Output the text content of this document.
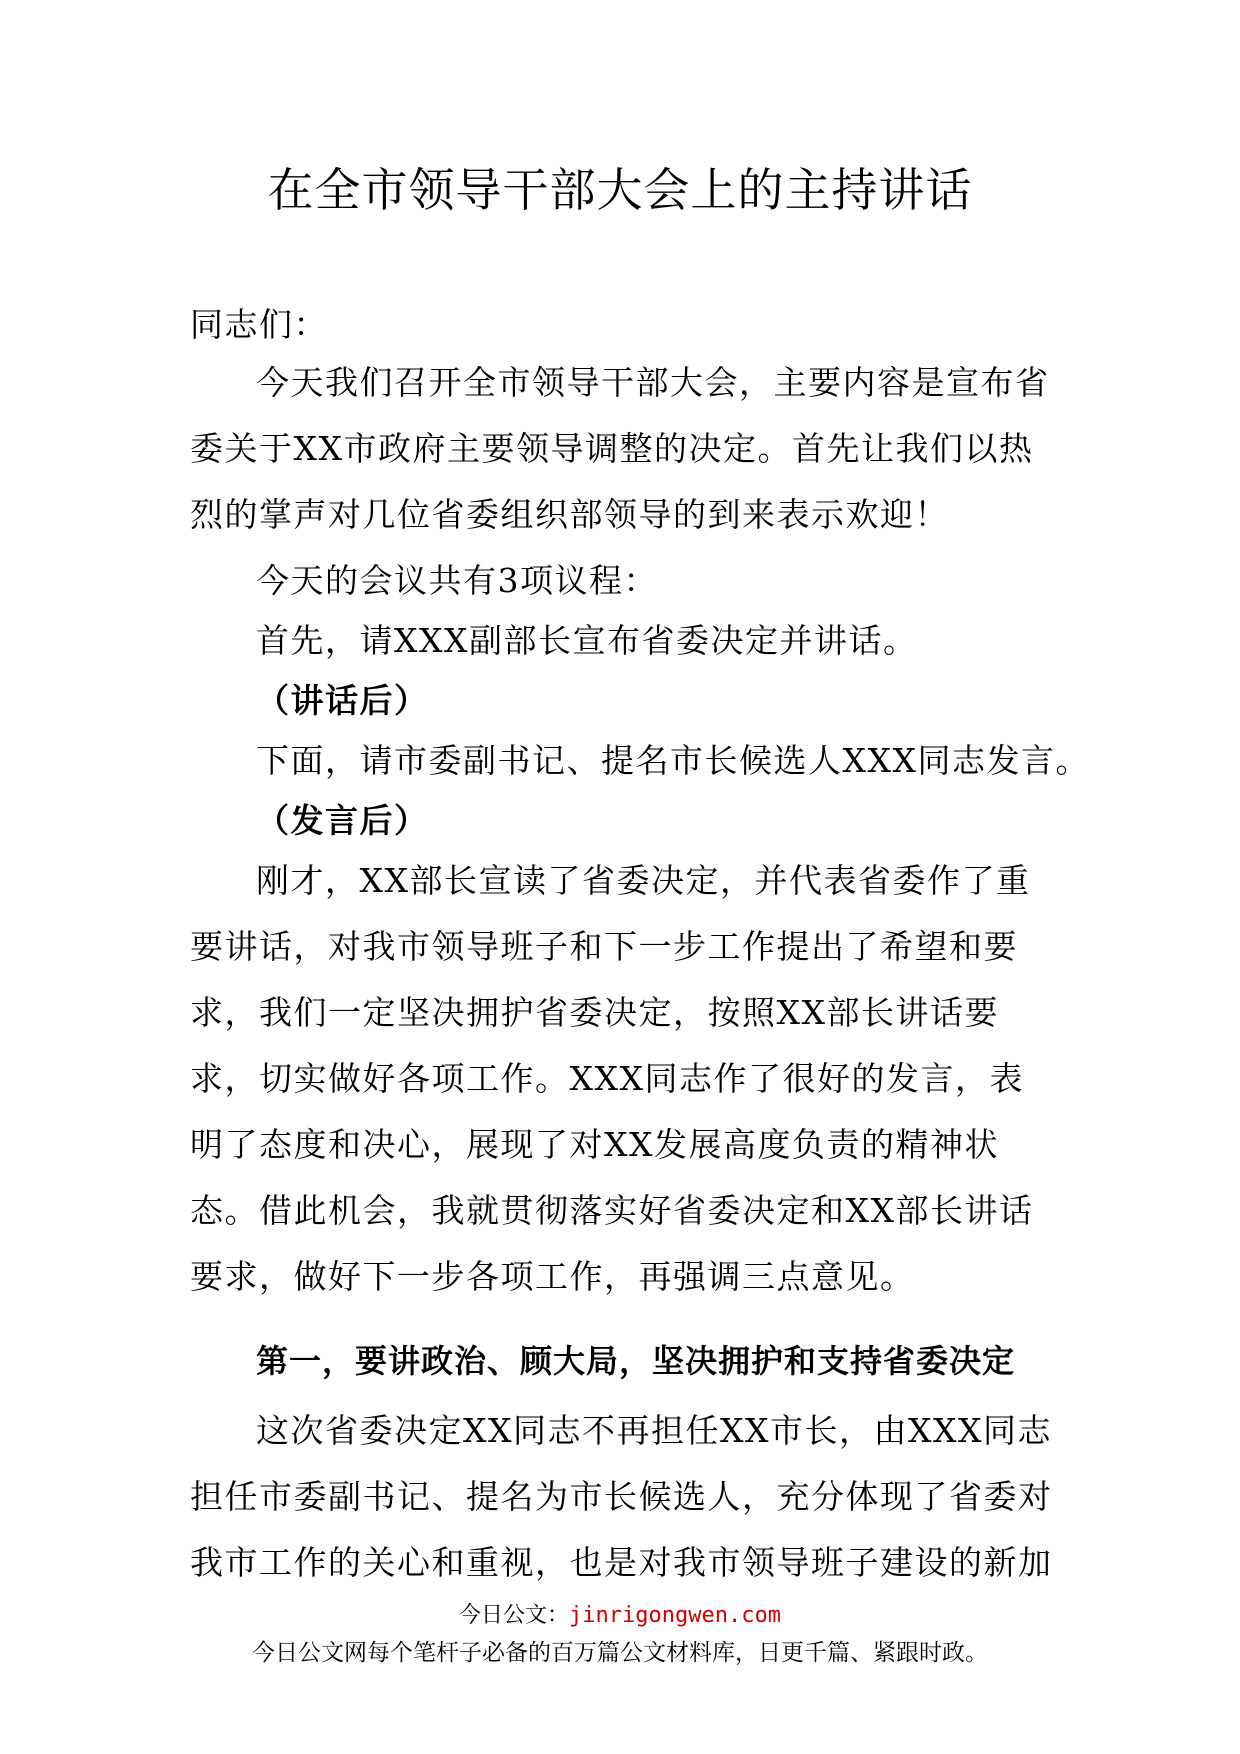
在全市领导干部大会上的主持讲话
同志们：

今天我们召开全市领导干部大会，主要内容是宣布省委关于XX市政府主要领导调整的决定。首先让我们以热烈的掌声对几位省委组织部领导的到来表示欢迎！

今天的会议共有3项议程：
首先，请XXX副部长宣布省委决定并讲话。
（讲话后）
下面，请市委副书记、提名市长候选人XXX同志发言。
（发言后）

刚才，XX部长宣读了省委决定，并代表省委作了重要讲话，对我市领导班子和下一步工作提出了希望和要求，我们一定坚决拥护省委决定，按照XX部长讲话要求，切实做好各项工作。XXX同志作了很好的发言，表明了态度和决心，展现了对XX发展高度负责的精神状态。借此机会，我就贯彻落实好省委决定和XX部长讲话要求，做好下一步各项工作，再强调三点意见。

第一，要讲政治、顾大局，坚决拥护和支持省委决定

这次省委决定XX同志不再担任XX市长，由XXX同志担任市委副书记、提名为市长候选人，充分体现了省委对我市工作的关心和重视，也是对我市领导班子建设的新加

今日公文：jinrigongwen.com
今日公文网每个笔杆子必备的百万篇公文材料库，日更千篇、紧跟时政。
